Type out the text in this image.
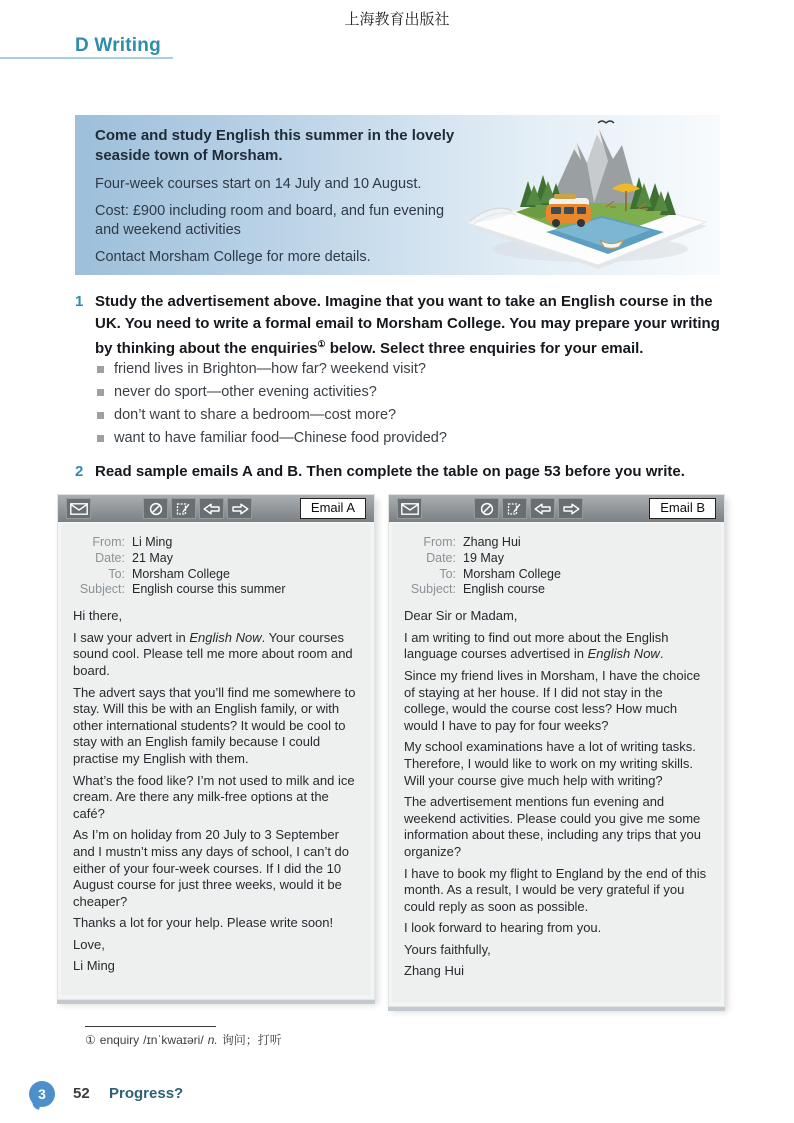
上海教育出版社
D Writing

Come and study English this summer in the lovely seaside town of Morsham.

Four-week courses start on 14 July and 10 August.

Cost: £900 including room and board, and fun evening and weekend activities

Contact Morsham College for more details.

1 Study the advertisement above. Imagine that you want to take an English course in the UK. You need to write a formal email to Morsham College. You may prepare your writing by thinking about the enquiries① below. Select three enquiries for your email.
friend lives in Brighton—how far? weekend visit?
never do sport—other evening activities?
don’t want to share a bedroom—cost more?
want to have familiar food—Chinese food provided?
2 Read sample emails A and B. Then complete the table on page 53 before you write.
Email A
From: Li Ming
Date: 21 May
To: Morsham College
Subject: English course this summer

Hi there,

I saw your advert in English Now. Your courses sound cool. Please tell me more about room and board.

The advert says that you’ll find me somewhere to stay. Will this be with an English family, or with other international students? It would be cool to stay with an English family because I could practise my English with them.

What’s the food like? I’m not used to milk and ice cream. Are there any milk-free options at the café?

As I’m on holiday from 20 July to 3 September and I mustn’t miss any days of school, I can’t do either of your four-week courses. If I did the 10 August course for just three weeks, would it be cheaper?

Thanks a lot for your help. Please write soon!

Love,

Li Ming

Email B
From: Zhang Hui
Date: 19 May
To: Morsham College
Subject: English course

Dear Sir or Madam,

I am writing to find out more about the English language courses advertised in English Now.

Since my friend lives in Morsham, I have the choice of staying at her house. If I did not stay in the college, would the course cost less? How much would I have to pay for four weeks?

My school examinations have a lot of writing tasks. Therefore, I would like to work on my writing skills. Will your course give much help with writing?

The advertisement mentions fun evening and weekend activities. Please could you give me some information about these, including any trips that you organize?

I have to book my flight to England by the end of this month. As a result, I would be very grateful if you could reply as soon as possible.

I look forward to hearing from you.

Yours faithfully,

Zhang Hui

① enquiry /ɪnˈkwaɪəri/ n. 询问；打听
3	52 Progress?
